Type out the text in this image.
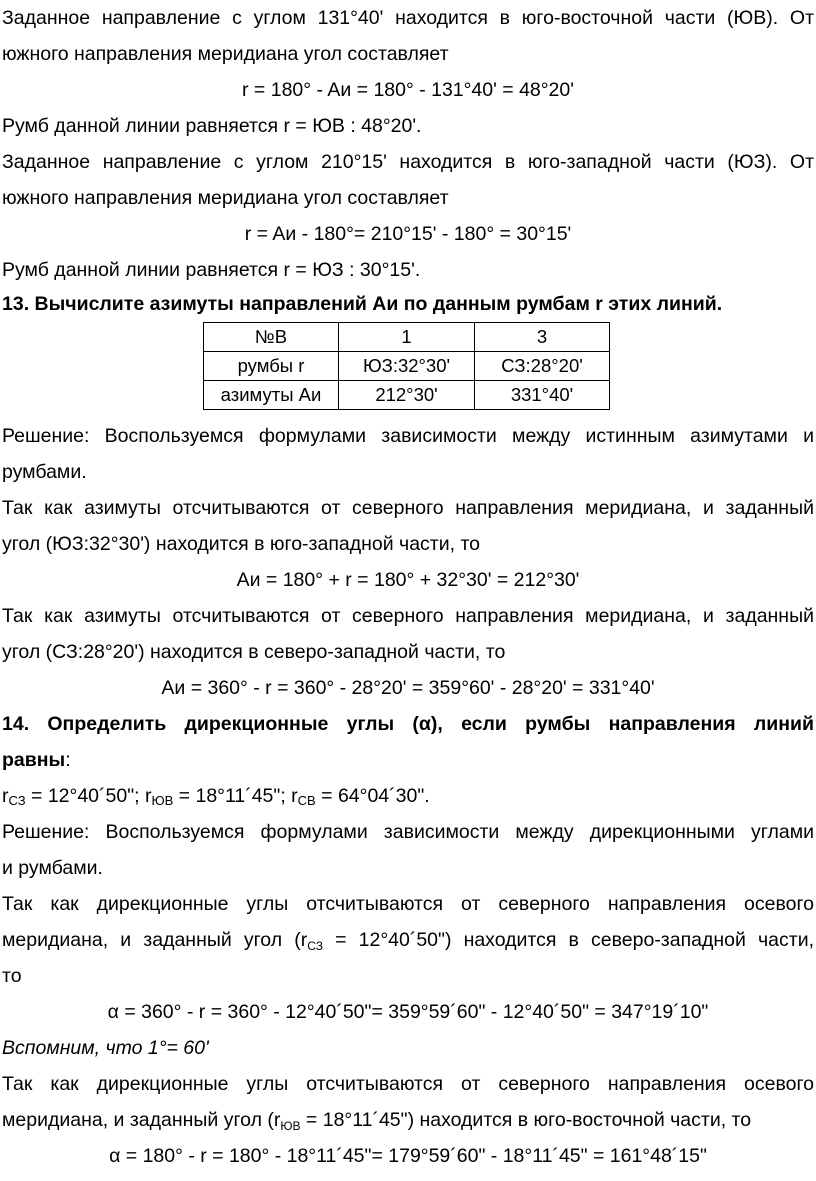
Заданное направление с углом 131°40' находится в юго-восточной части (ЮВ). От
южного направления меридиана угол составляет
r = 180° - Aи = 180° - 131°40' = 48°20'
Румб данной линии равняется r = ЮВ : 48°20'.
Заданное направление с углом 210°15' находится в юго-западной части (ЮЗ). От
южного направления меридиана угол составляет
r = Aи - 180°= 210°15' - 180° = 30°15'
Румб данной линии равняется r = ЮЗ : 30°15'.
13. Вычислите азимуты направлений Aи по данным румбам r этих линий.
№В	1	3
румбы r	ЮЗ:32°30'	СЗ:28°20'
азимуты Aи	212°30'	331°40'
Решение: Воспользуемся формулами зависимости между истинным азимутами и
румбами.
Так как азимуты отсчитываются от северного направления меридиана, и заданный
угол (ЮЗ:32°30') находится в юго-западной части, то
Aи = 180° + r = 180° + 32°30' = 212°30'
Так как азимуты отсчитываются от северного направления меридиана, и заданный
угол (СЗ:28°20') находится в северо-западной части, то
Aи = 360° - r = 360° - 28°20' = 359°60' - 28°20' = 331°40'
14. Определить дирекционные углы (α), если румбы направления линий
равны:
$r_{СЗ}$ = 12°40´50"; $r_{ЮВ}$ = 18°11´45"; $r_{СВ}$ = 64°04´30".
Решение: Воспользуемся формулами зависимости между дирекционными углами
и румбами.
Так как дирекционные углы отсчитываются от северного направления осевого
меридиана, и заданный угол ($r_{СЗ}$ = 12°40´50") находится в северо-западной части,
то
α = 360° - r = 360° - 12°40´50"= 359°59´60" - 12°40´50" = 347°19´10"
Вспомним, что 1°= 60'
Так как дирекционные углы отсчитываются от северного направления осевого
меридиана, и заданный угол ($r_{ЮВ}$ = 18°11´45") находится в юго-восточной части, то
α = 180° - r = 180° - 18°11´45"= 179°59´60" - 18°11´45" = 161°48´15"
